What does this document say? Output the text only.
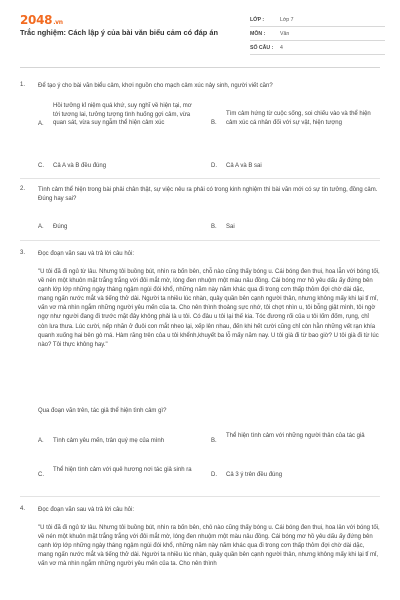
2048.vn
Trắc nghiệm: Cách lập ý của bài văn biểu cảm có đáp án
LỚP :	Lớp 7
MÔN :	Văn
SỐ CÂU :	4
1. Để tạo ý cho bài văn biểu cảm, khơi nguồn cho mạch cảm xúc nảy sinh, người viết cần?
A.
Hồi tưởng kỉ niệm quá khứ, suy nghĩ về hiện tại, mơ tới tương lai, tưởng tượng tình huống gợi cảm, vừa quan sát, vừa suy ngẫm thể hiện cảm xúc	B.
Tìm cảm hứng từ cuộc sống, soi chiếu vào và thể hiện cảm xúc cá nhân đối với sự vật, hiện tượng
C. Cả A và B đều đúng	D. Cả A và B sai
2. Tình cảm thể hiện trong bài phải chân thật, sự việc nêu ra phải có trong kinh nghiệm thì bài văn mới có sự tin tưởng, đồng cảm. Đúng hay sai?
A. Đúng	B. Sai
3. Đọc đoạn văn sau và trả lời câu hỏi:
"U tôi đã đi ngủ từ lâu. Nhưng tôi buồng bút, nhìn ra bốn bên, chỗ nào cũng thấy bóng u. Cái bóng đen thui, hoa lẫn với bóng tối, về nén một khuôn mặt trắng trắng với đôi mắt mờ, lóng đen nhuộm một màu nâu đồng. Cái bóng mơ hồ yêu dấu ấy đứng bên cạnh lớp lớp những ngày tháng ngậm ngùi đói khổ, những năm này năm khác qua đi trong cơn thấp thỏm đợi chờ dài dặc, mang ngấn nước mắt và tiếng thở dài. Người ta nhiều lúc nhàn, quây quần bên cạnh người thân, nhưng không mấy khi lại tỉ mỉ, vấn vơ mà nhìn ngắm những người yêu mến của ta. Cho nên thình thoảng sực nhớ, tôi chợt nhìn u, tôi bỗng giật mình, tôi ngờ ngợ như người đang đi trước mặt đây không phải là u tôi. Có đâu u tôi lại thế kia. Tóc đương rối của u tôi lốm đốm, rụng, chỉ còn lưa thưa. Lúc cười, nếp nhăn ở đuôi con mắt nheo lại, xếp lên nhau, đến khi hết cười cũng chỉ còn hằn những vết rạn khía quanh xuống hai bên gò má. Hàm răng trên của u tôi khểnh,khuyết ba lỗ mấy năm nay. U tôi già đi từ bao giờ? U tôi già đi từ lúc nào? Tôi thực không hay."
Qua đoạn văn trên, tác giả thể hiện tình cảm gì?
A. Tình cảm yêu mến, trân quý mẹ của mình	B.
Thể hiện tình cảm với những người thân của tác giả
C.
Thể hiện tình cảm với quê hương nơi tác giả sinh ra
D. Cả 3 ý trên đều đúng
4. Đọc đoạn văn sau và trả lời câu hỏi:
"U tôi đã đi ngủ từ lâu. Nhưng tôi buồng bút, nhìn ra bốn bên, chỗ nào cũng thấy bóng u. Cái bóng đen thui, hoa lẫn với bóng tối, về nén một khuôn mặt trắng trắng với đôi mắt mờ, lóng đen nhuộm một màu nâu đồng. Cái bóng mơ hồ yêu dấu ấy đứng bên cạnh lớp lớp những ngày tháng ngậm ngùi đói khổ, những năm này năm khác qua đi trong cơn thấp thỏm đợi chờ dài dặc, mang ngấn nước mắt và tiếng thở dài. Người ta nhiều lúc nhàn, quây quần bên cạnh người thân, nhưng không mấy khi lại tỉ mỉ, vấn vơ mà nhìn ngắm những người yêu mến của ta. Cho nên thình
